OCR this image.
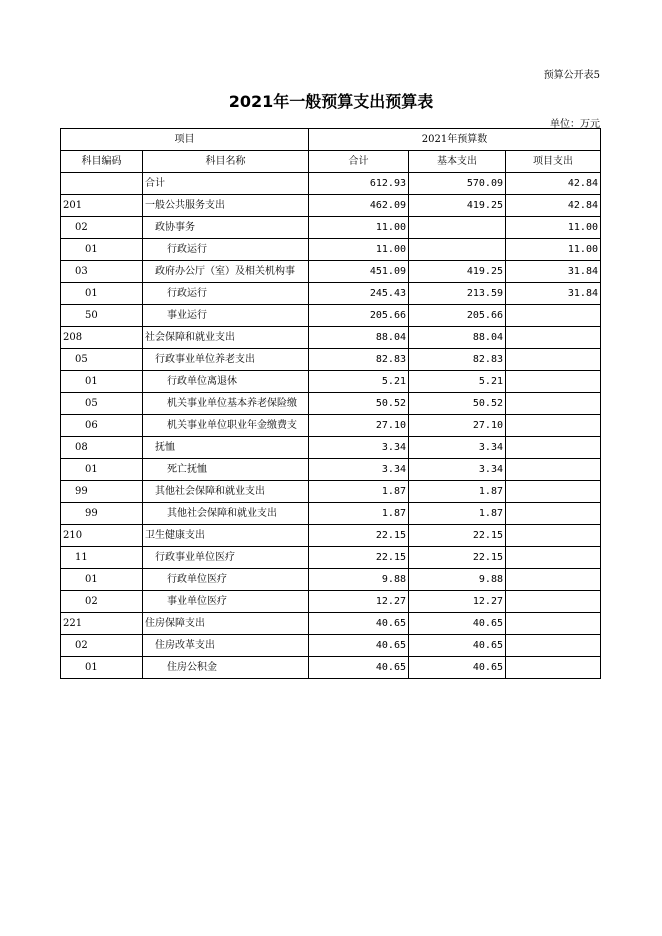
预算公开表5
2021年一般预算支出预算表
单位：万元
项目		2021年预算数		
科目编码	科目名称	合计	基本支出	项目支出
	合计	612.93	570.09	42.84
201	一般公共服务支出	462.09	419.25	42.84
02	政协事务	11.00		11.00
01	行政运行	11.00		11.00
03	政府办公厅（室）及相关机构事	451.09	419.25	31.84
01	行政运行	245.43	213.59	31.84
50	事业运行	205.66	205.66	
208	社会保障和就业支出	88.04	88.04	
05	行政事业单位养老支出	82.83	82.83	
01	行政单位离退休	5.21	5.21	
05	机关事业单位基本养老保险缴	50.52	50.52	
06	机关事业单位职业年金缴费支	27.10	27.10	
08	抚恤	3.34	3.34	
01	死亡抚恤	3.34	3.34	
99	其他社会保障和就业支出	1.87	1.87	
99	其他社会保障和就业支出	1.87	1.87	
210	卫生健康支出	22.15	22.15	
11	行政事业单位医疗	22.15	22.15	
01	行政单位医疗	9.88	9.88	
02	事业单位医疗	12.27	12.27	
221	住房保障支出	40.65	40.65	
02	住房改革支出	40.65	40.65	
01	住房公积金	40.65	40.65	
